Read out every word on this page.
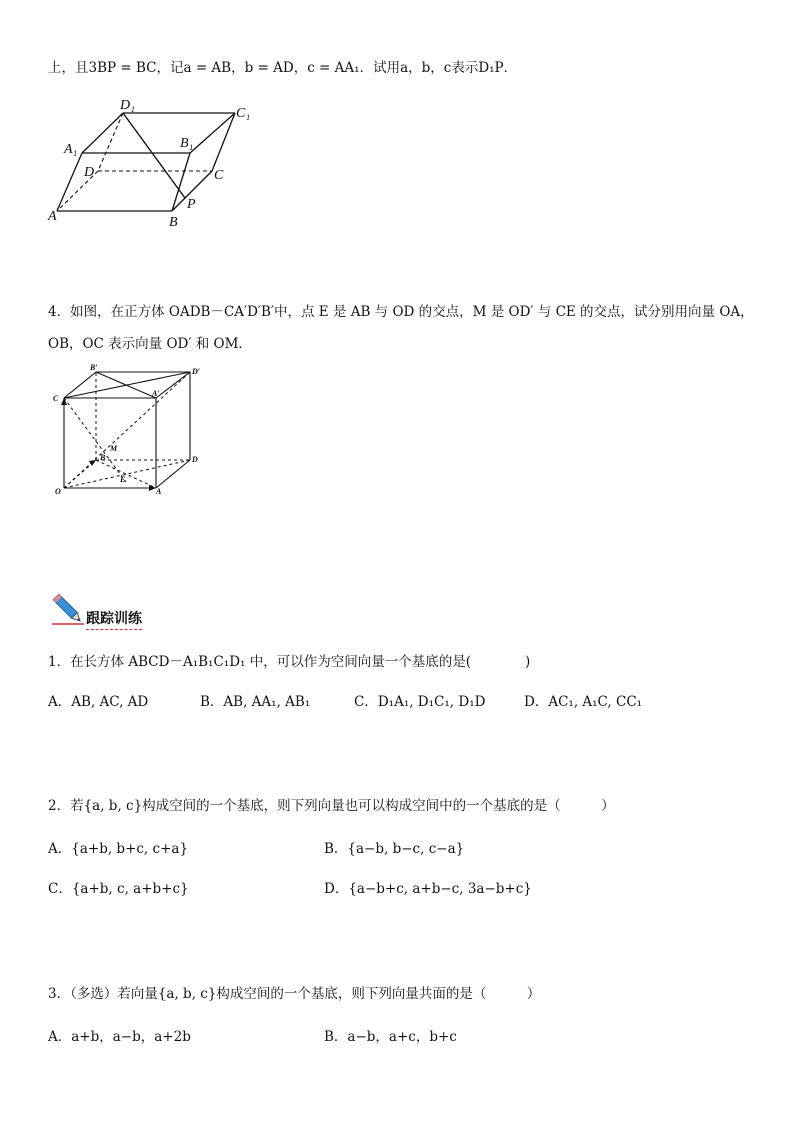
上，且3BP = BC，记a = AB，b = AD，c = AA₁．试用a，b，c表示D₁P．
D₁
C₁
A₁	B₁
D	C
A	B
P
4．如图，在正方体 OADB－CA′D′B′中，点 E 是 AB 与 OD 的交点，M 是 OD′ 与 CE 的交点，试分别用向量 OA，
OB，OC 表示向量 OD′ 和 OM．
B′	D′
C
A′
M
B	D
O
E
A
跟踪训练
1．在长方体 ABCD－A₁B₁C₁D₁ 中，可以作为空间向量一个基底的是(　　　　)
A．AB, AC, AD	B．AB, AA₁, AB₁	C．D₁A₁, D₁C₁, D₁D	D．AC₁, A₁C, CC₁
2．若{a, b, c}构成空间的一个基底，则下列向量也可以构成空间中的一个基底的是（　　　）
A．{a+b, b+c, c+a}	B．{a−b, b−c, c−a}
C．{a+b, c, a+b+c}	D．{a−b+c, a+b−c, 3a−b+c}
3．（多选）若向量{a, b, c}构成空间的一个基底，则下列向量共面的是（　　　）
A．a+b，a−b，a+2b	B．a−b，a+c，b+c
